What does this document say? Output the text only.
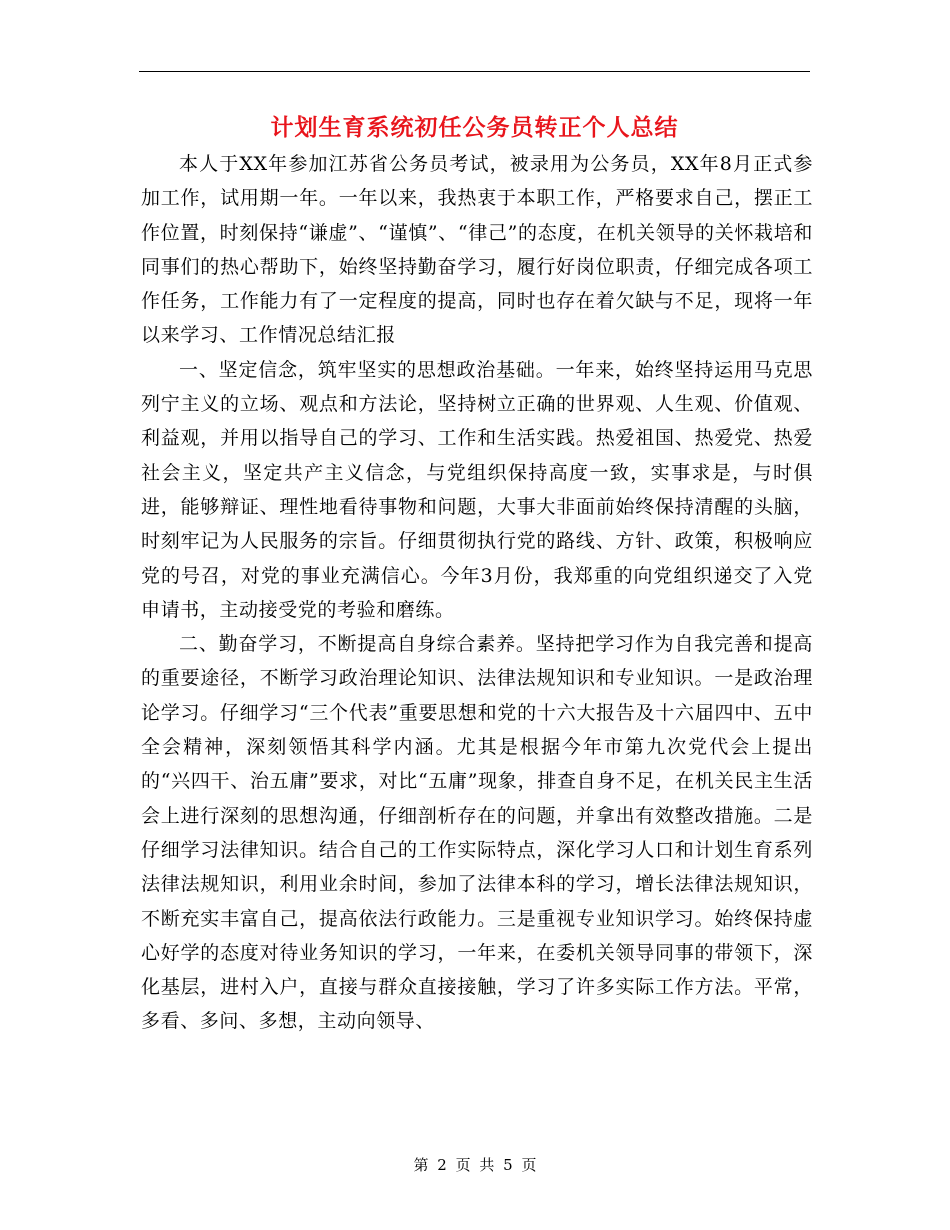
计划生育系统初任公务员转正个人总结

本人于XX年参加江苏省公务员考试，被录用为公务员，XX年8月正式参加工作，试用期一年。一年以来，我热衷于本职工作，严格要求自己，摆正工作位置，时刻保持“谦虚”、“谨慎”、“律己”的态度，在机关领导的关怀栽培和同事们的热心帮助下，始终坚持勤奋学习，履行好岗位职责，仔细完成各项工作任务，工作能力有了一定程度的提高，同时也存在着欠缺与不足，现将一年以来学习、工作情况总结汇报

一、坚定信念，筑牢坚实的思想政治基础。一年来，始终坚持运用马克思列宁主义的立场、观点和方法论，坚持树立正确的世界观、人生观、价值观、利益观，并用以指导自己的学习、工作和生活实践。热爱祖国、热爱党、热爱社会主义，坚定共产主义信念，与党组织保持高度一致，实事求是，与时俱进，能够辩证、理性地看待事物和问题，大事大非面前始终保持清醒的头脑，时刻牢记为人民服务的宗旨。仔细贯彻执行党的路线、方针、政策，积极响应党的号召，对党的事业充满信心。今年3月份，我郑重的向党组织递交了入党申请书，主动接受党的考验和磨练。

二、勤奋学习，不断提高自身综合素养。坚持把学习作为自我完善和提高的重要途径，不断学习政治理论知识、法律法规知识和专业知识。一是政治理论学习。仔细学习“三个代表”重要思想和党的十六大报告及十六届四中、五中全会精神，深刻领悟其科学内涵。尤其是根据今年市第九次党代会上提出的“兴四干、治五庸”要求，对比“五庸”现象，排查自身不足，在机关民主生活会上进行深刻的思想沟通，仔细剖析存在的问题，并拿出有效整改措施。二是仔细学习法律知识。结合自己的工作实际特点，深化学习人口和计划生育系列法律法规知识，利用业余时间，参加了法律本科的学习，增长法律法规知识，不断充实丰富自己，提高依法行政能力。三是重视专业知识学习。始终保持虚心好学的态度对待业务知识的学习，一年来，在委机关领导同事的带领下，深化基层，进村入户，直接与群众直接接触，学习了许多实际工作方法。平常，多看、多问、多想，主动向领导、

第 2 页 共 5 页
